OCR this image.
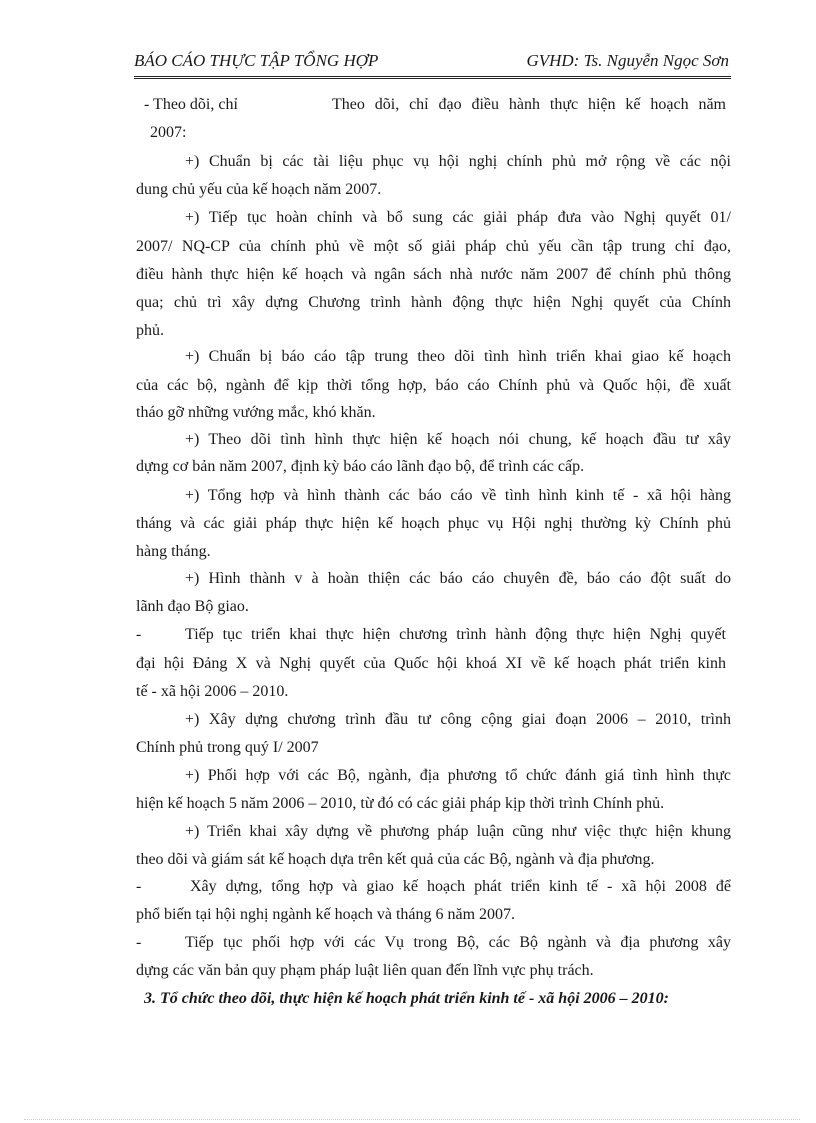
BÁO CÁO THỰC TẬP TỔNG HỢP	GVHD: Ts. Nguyễn Ngọc Sơn
- Theo dõi, chỉ	Theo dõi, chỉ đạo điều hành thực hiện kế hoạch năm
2007:
+) Chuẩn bị các tài liệu phục vụ hội nghị chính phủ mở rộng về các nội
dung chủ yếu của kế hoạch năm 2007.
+) Tiếp tục hoàn chỉnh và bổ sung các giải pháp đưa vào Nghị quyết 01/
2007/ NQ-CP của chính phủ về một số giải pháp chủ yếu cần tập trung chỉ đạo,
điều hành thực hiện kế hoạch và ngân sách nhà nước năm 2007 để chính phủ thông
qua; chủ trì xây dựng Chương trình hành động thực hiện Nghị quyết của Chính
phủ.
+) Chuẩn bị báo cáo tập trung theo dõi tình hình triển khai giao kế hoạch
của các bộ, ngành để kịp thời tổng hợp, báo cáo Chính phủ và Quốc hội, đề xuất
tháo gỡ những vướng mắc, khó khăn.
+) Theo dõi tình hình thực hiện kế hoạch nói chung, kế hoạch đầu tư xây
dựng cơ bản năm 2007, định kỳ báo cáo lãnh đạo bộ, để trình các cấp.
+) Tổng hợp và hình thành các báo cáo về tình hình kinh tế - xã hội hàng
tháng và các giải pháp thực hiện kế hoạch phục vụ Hội nghị thường kỳ Chính phủ
hàng tháng.
+) Hình thành v à hoàn thiện các báo cáo chuyên đề, báo cáo đột suất do
lãnh đạo Bộ giao.
-	Tiếp tục triển khai thực hiện chương trình hành động thực hiện Nghị quyết
đại hội Đảng X và Nghị quyết của Quốc hội khoá XI về kế hoạch phát triển kinh
tế - xã hội 2006 – 2010.
+) Xây dựng chương trình đầu tư công cộng giai đoạn 2006 – 2010, trình
Chính phủ trong quý I/ 2007
+) Phối hợp với các Bộ, ngành, địa phương tổ chức đánh giá tình hình thực
hiện kế hoạch 5 năm 2006 – 2010, từ đó có các giải pháp kịp thời trình Chính phủ.
+) Triển khai xây dựng về phương pháp luận cũng như việc thực hiện khung
theo dõi và giám sát kế hoạch dựa trên kết quả của các Bộ, ngành và địa phương.
-	Xây dựng, tổng hợp và giao kế hoạch phát triển kinh tế - xã hội 2008 để
phổ biến tại hội nghị ngành kế hoạch và tháng 6 năm 2007.
-	Tiếp tục phối hợp với các Vụ trong Bộ, các Bộ ngành và địa phương xây
dựng các văn bản quy phạm pháp luật liên quan đến lĩnh vực phụ trách.
3. Tổ chức theo dõi, thực hiện kế hoạch phát triển kinh tế - xã hội 2006 – 2010:
